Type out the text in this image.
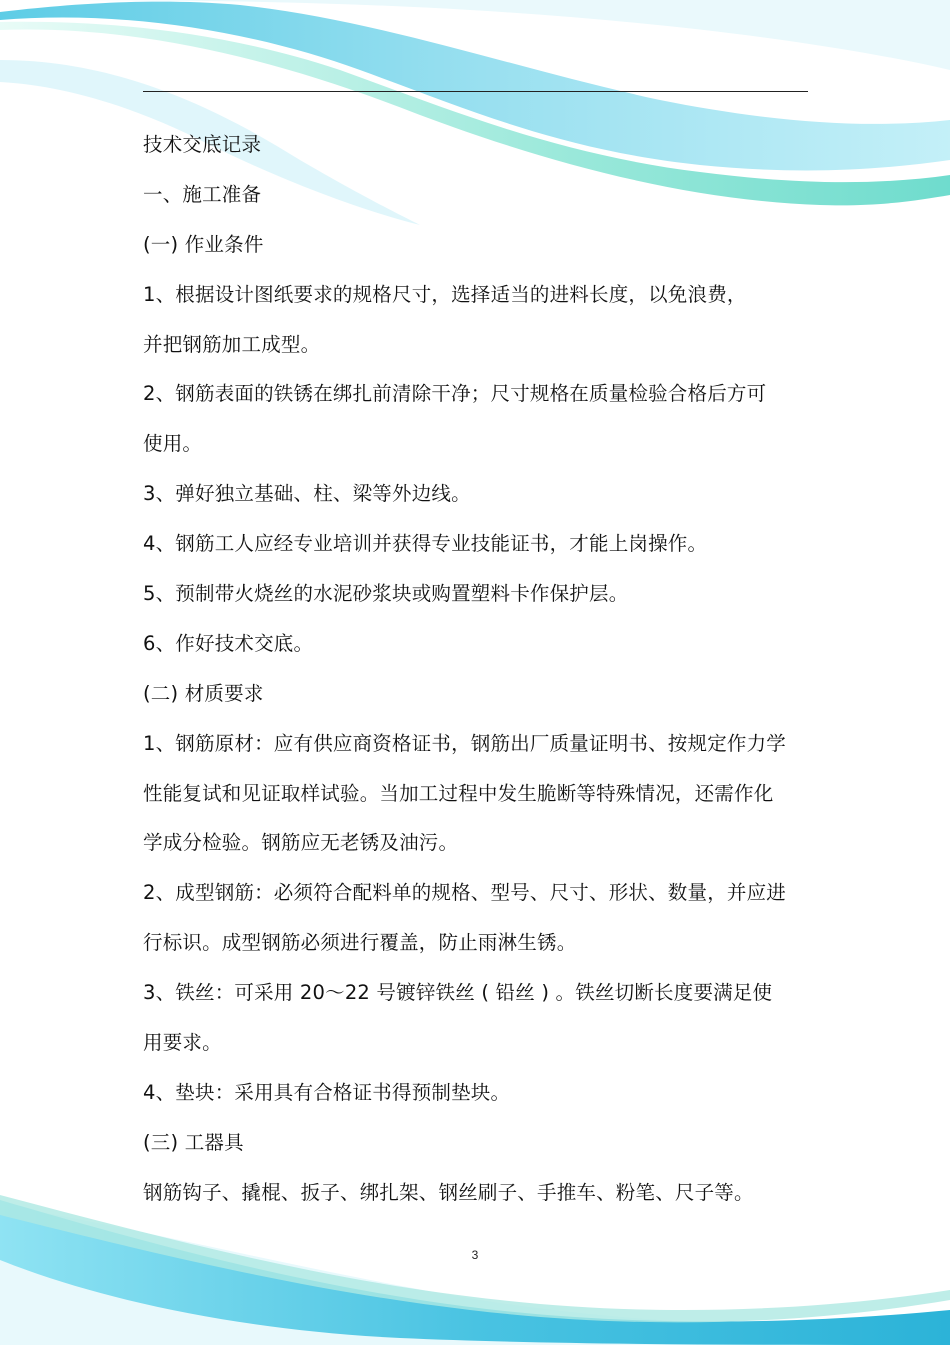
技术交底记录
一、施工准备
(一) 作业条件
1、根据设计图纸要求的规格尺寸，选择适当的进料长度，以免浪费，
并把钢筋加工成型。
2、钢筋表面的铁锈在绑扎前清除干净；尺寸规格在质量检验合格后方可
使用。
3、弹好独立基础、柱、梁等外边线。
4、钢筋工人应经专业培训并获得专业技能证书，才能上岗操作。
5、预制带火烧丝的水泥砂浆块或购置塑料卡作保护层。
6、作好技术交底。
(二) 材质要求
1、钢筋原材：应有供应商资格证书，钢筋出厂质量证明书、按规定作力学
性能复试和见证取样试验。当加工过程中发生脆断等特殊情况，还需作化
学成分检验。钢筋应无老锈及油污。
2、成型钢筋：必须符合配料单的规格、型号、尺寸、形状、数量，并应进
行标识。成型钢筋必须进行覆盖，防止雨淋生锈。
3、铁丝：可采用 20～22 号镀锌铁丝 ( 铅丝 ) 。铁丝切断长度要满足使
用要求。
4、垫块：采用具有合格证书得预制垫块。
(三) 工器具
钢筋钩子、撬棍、扳子、绑扎架、钢丝刷子、手推车、粉笔、尺子等。
3
